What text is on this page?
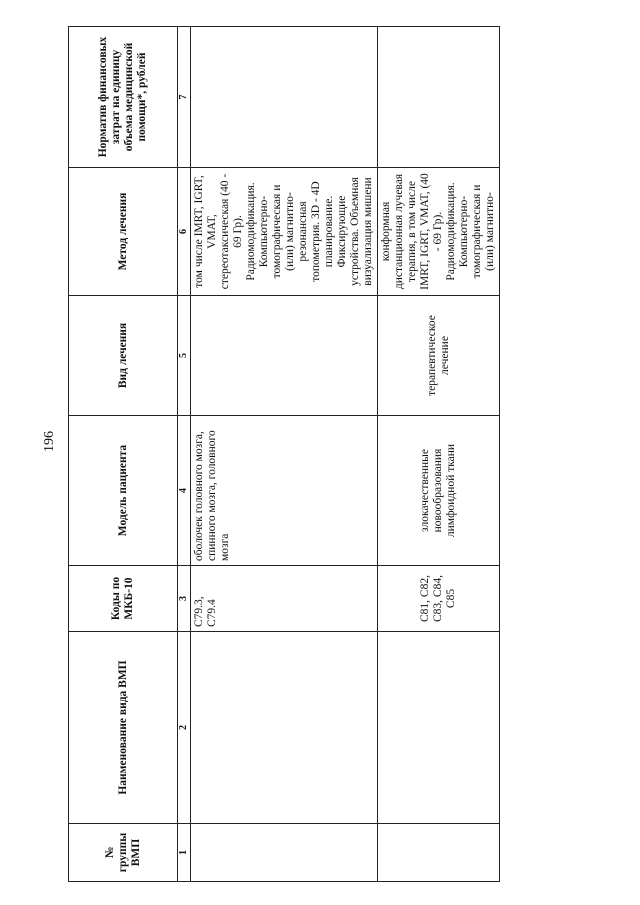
196
№ группы ВМП	Наименование вида ВМП	Коды по МКБ-10	Модель пациента	Вид лечения	Метод лечения	Норматив финансовых затрат на единицу объема медицинской помощи*, рублей
1	2	3	4	5	6	7
		C79.3, C79.4	оболочек головного мозга, спинного мозга, головного мозга		том числе IMRT, IGRT, VMAT, стереотаксическая (40 - 69 Гр). Радиомодификация. Компьютерно-томографическая и (или) магнитно-резонансная топометрия. 3D - 4D планирование. Фиксирующие устройства. Объемная визуализация мишени	
		C81, C82, C83, C84, C85	злокачественные новообразования лимфоидной ткани	терапевтическое лечение	конформная дистанционная лучевая терапия, в том числе IMRT, IGRT, VMAT, (40 - 69 Гр). Радиомодификация. Компьютерно-томографическая и (или) магнитно-	
